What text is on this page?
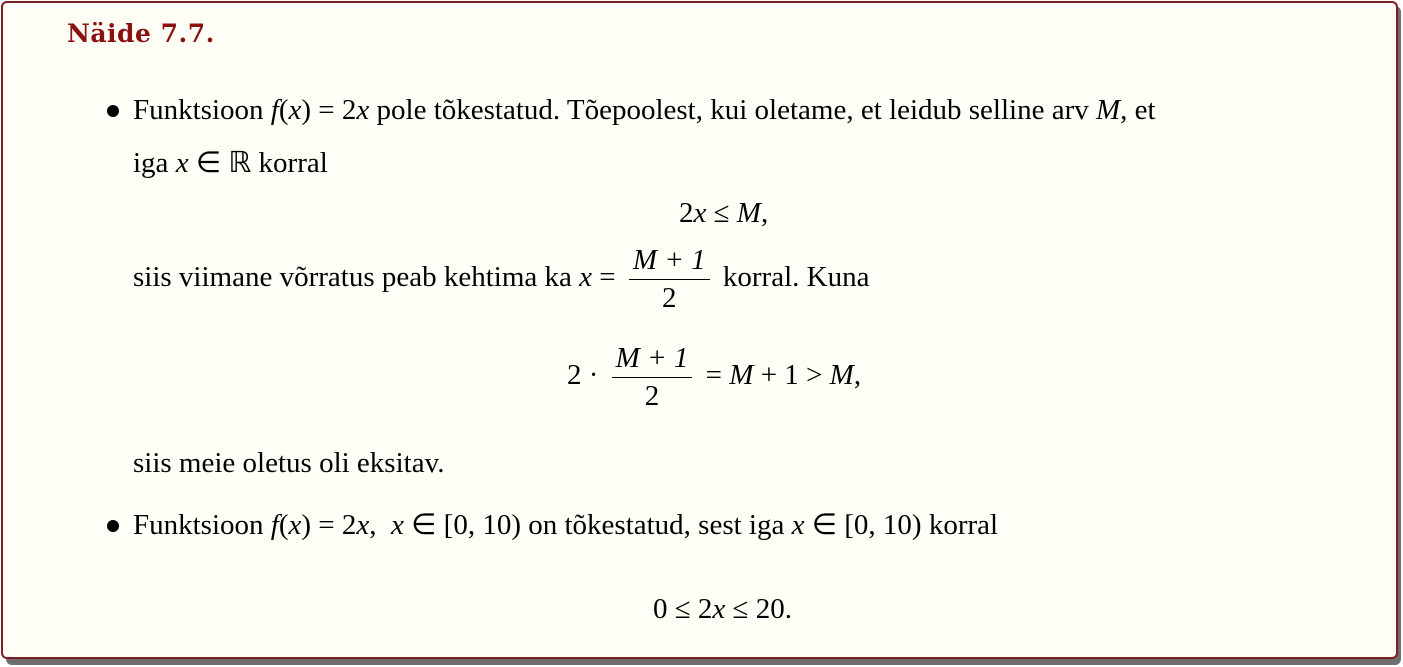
Näide 7.7.
Funktsioon f(x) = 2x pole tõkestatud. Tõepoolest, kui oletame, et leidub selline arv M, et
iga x ∈ ℝ korral
2x ≤ M,
siis viimane võrratus peab kehtima ka $x = \frac{M + 1}{2}$ korral. Kuna
$2 \cdot \frac{M + 1}{2} = M + 1 > M$,
siis meie oletus oli eksitav.
Funktsioon f(x) = 2x,  x ∈ [0, 10) on tõkestatud, sest iga x ∈ [0, 10) korral
0 ≤ 2x ≤ 20.
